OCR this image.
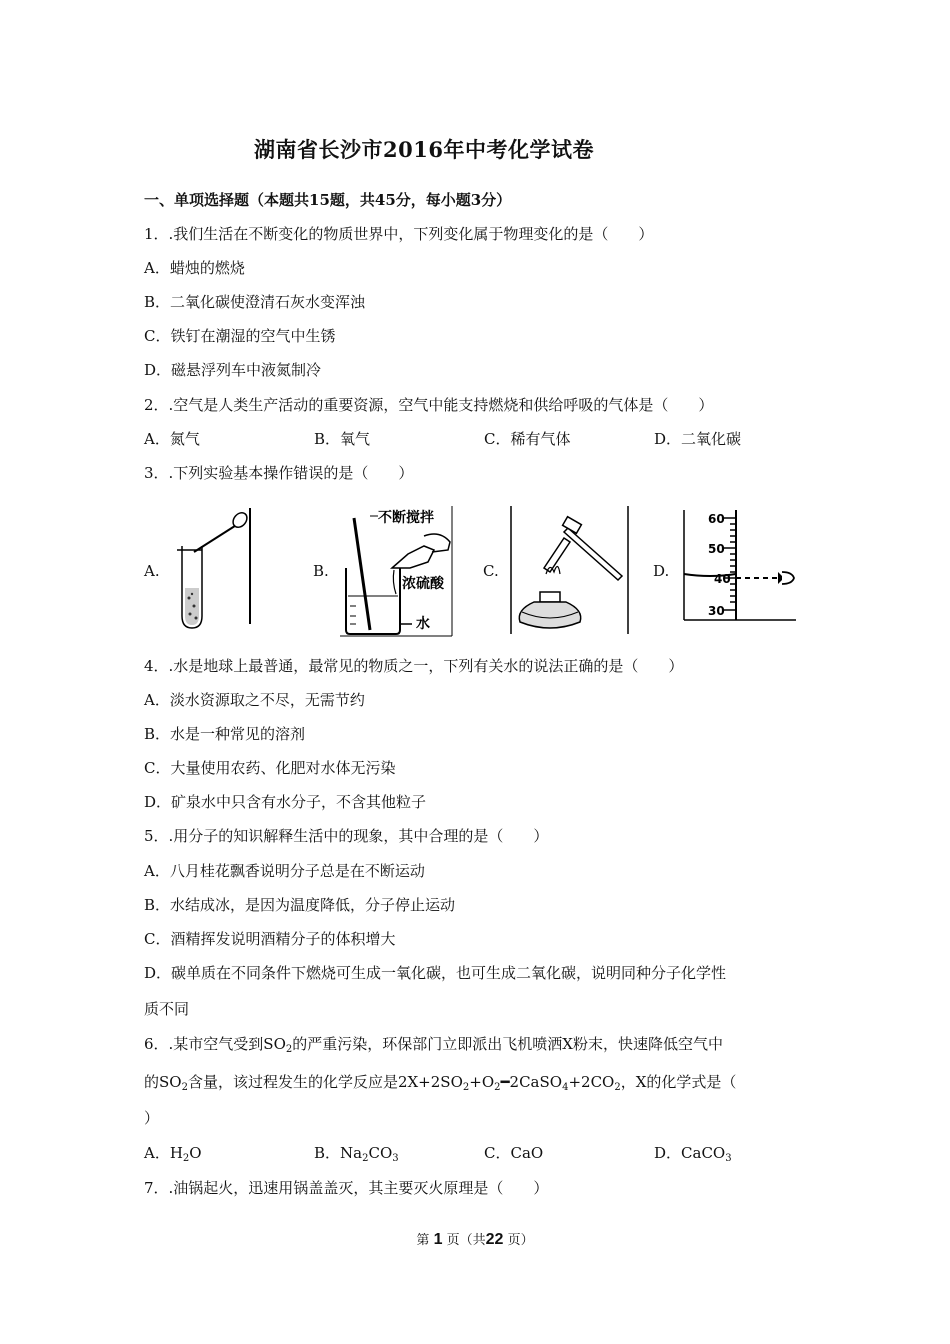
湖南省长沙市2016年中考化学试卷
一、单项选择题（本题共15题，共45分，每小题3分）
1．.我们生活在不断变化的物质世界中，下列变化属于物理变化的是（　　）
A．蜡烛的燃烧
B．二氧化碳使澄清石灰水变浑浊
C．铁钉在潮湿的空气中生锈
D．磁悬浮列车中液氮制冷
2．.空气是人类生产活动的重要资源，空气中能支持燃烧和供给呼吸的气体是（　　）
A．氮气	B．氧气	C．稀有气体	D．二氧化碳
3．.下列实验基本操作错误的是（　　）
A.	B.
不断搅拌
浓硫酸
水
C.	D.
60
50
40
30
4．.水是地球上最普通，最常见的物质之一，下列有关水的说法正确的是（　　）
A．淡水资源取之不尽，无需节约
B．水是一种常见的溶剂
C．大量使用农药、化肥对水体无污染
D．矿泉水中只含有水分子，不含其他粒子
5．.用分子的知识解释生活中的现象，其中合理的是（　　）
A．八月桂花飘香说明分子总是在不断运动
B．水结成冰，是因为温度降低，分子停止运动
C．酒精挥发说明酒精分子的体积增大
D．碳单质在不同条件下燃烧可生成一氧化碳，也可生成二氧化碳，说明同种分子化学性
质不同
6．.某市空气受到$SO_2$的严重污染，环保部门立即派出飞机喷洒X粉末，快速降低空气中
的$SO_2$含量，该过程发生的化学反应是$2X+2SO_2+O_2━2CaSO_4+2CO_2$，X的化学式是（
）
A．$H_2O$	B．$Na_2CO_3$	C．CaO	D．CaCO$_3$
7．.油锅起火，迅速用锅盖盖灭，其主要灭火原理是（　　）
第 1 页（共22 页）
